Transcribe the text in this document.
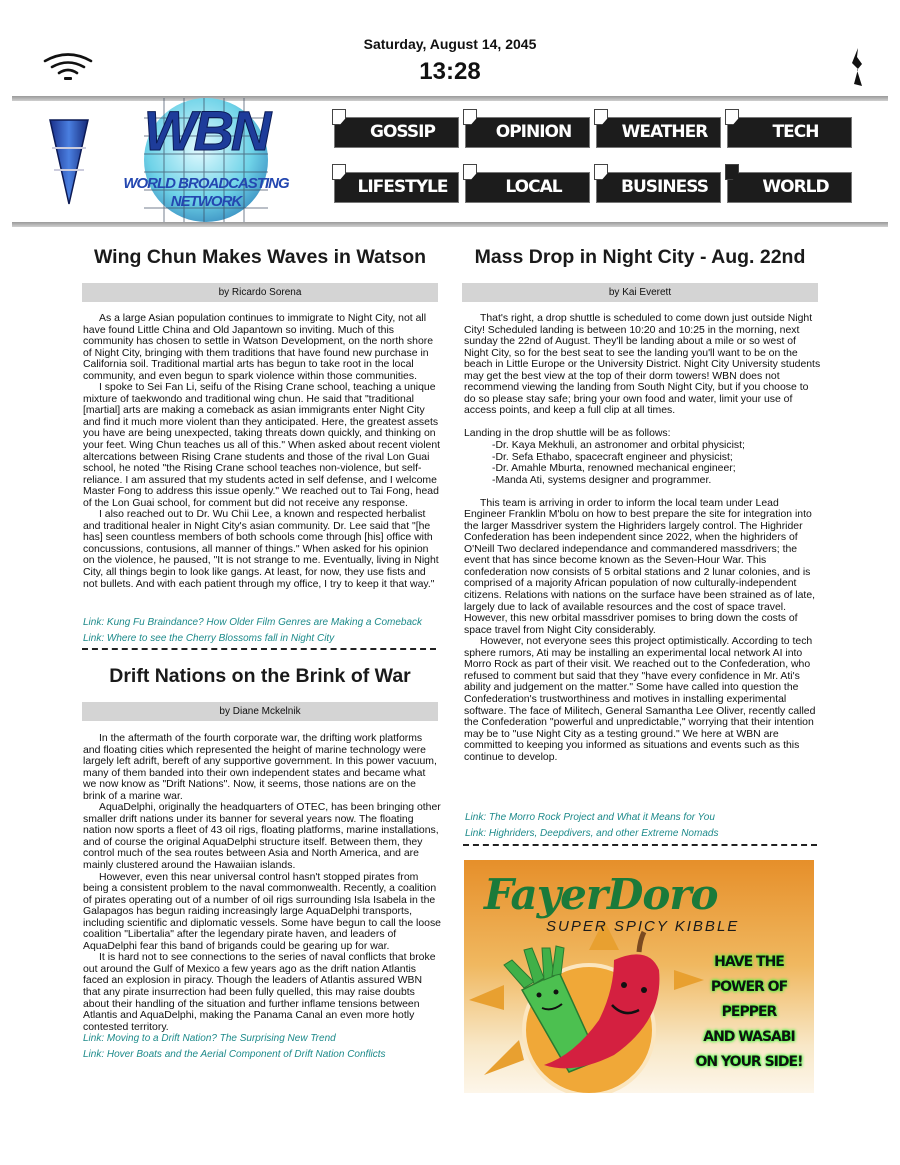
Saturday, August 14, 2045
13:28
WBN
WORLD BROADCASTING
NETWORK
GOSSIP	OPINION	WEATHER	TECH
LIFESTYLE	LOCAL	BUSINESS	WORLD
Wing Chun Makes Waves in Watson
by Ricardo Sorena

As a large Asian population continues to immigrate to Night City, not all have found Little China and Old Japantown so inviting. Much of this community has chosen to settle in Watson Development, on the north shore of Night City, bringing with them traditions that have found new purchase in California soil. Traditional martial arts has begun to take root in the local community, and even begun to spark violence within those communities.

I spoke to Sei Fan Li, seifu of the Rising Crane school, teaching a unique mixture of taekwondo and traditional wing chun. He said that "traditional [martial] arts are making a comeback as asian immigrants enter Night City and find it much more violent than they anticipated. Here, the greatest assets you have are being unexpected, taking threats down quickly, and thinking on your feet. Wing Chun teaches us all of this." When asked about recent violent altercations between Rising Crane students and those of the rival Lon Guai school, he noted "the Rising Crane school teaches non-violence, but self-reliance. I am assured that my students acted in self defense, and I welcome Master Fong to address this issue openly." We reached out to Tai Fong, head of the Lon Guai school, for comment but did not receive any response.

I also reached out to Dr. Wu Chii Lee, a known and respected herbalist and traditional healer in Night City's asian community. Dr. Lee said that "[he has] seen countless members of both schools come through [his] office with concussions, contusions, all manner of things." When asked for his opinion on the violence, he paused, "It is not strange to me. Eventually, living in Night City, all things begin to look like gangs. At least, for now, they use fists and not bullets. And with each patient through my office, I try to keep it that way."

Link: Kung Fu Braindance? How Older Film Genres are Making a Comeback
Link: Where to see the Cherry Blossoms fall in Night City
Drift Nations on the Brink of War
by Diane Mckelnik

In the aftermath of the fourth corporate war, the drifting work platforms and floating cities which represented the height of marine technology were largely left adrift, bereft of any supportive government. In this power vacuum, many of them banded into their own independent states and became what we now know as "Drift Nations". Now, it seems, those nations are on the brink of a marine war.

AquaDelphi, originally the headquarters of OTEC, has been bringing other smaller drift nations under its banner for several years now. The floating nation now sports a fleet of 43 oil rigs, floating platforms, marine installations, and of course the original AquaDelphi structure itself. Between them, they control much of the sea routes between Asia and North America, and are mainly clustered around the Hawaiian islands.

However, even this near universal control hasn't stopped pirates from being a consistent problem to the naval commonwealth. Recently, a coalition of pirates operating out of a number of oil rigs surrounding Isla Isabela in the Galapagos has begun raiding increasingly large AquaDelphi transports, including scientific and diplomatic vessels. Some have begun to call the loose coalition "Libertalia" after the legendary pirate haven, and leaders of AquaDelphi fear this band of brigands could be gearing up for war.

It is hard not to see connections to the series of naval conflicts that broke out around the Gulf of Mexico a few years ago as the drift nation Atlantis faced an explosion in piracy. Though the leaders of Atlantis assured WBN that any pirate insurrection had been fully quelled, this may raise doubts about their handling of the situation and further inflame tensions between Atlantis and AquaDelphi, making the Panama Canal an even more hotly contested territory.

Link: Moving to a Drift Nation? The Surprising New Trend
Link: Hover Boats and the Aerial Component of Drift Nation Conflicts
Mass Drop in Night City - Aug. 22nd
by Kai Everett

That's right, a drop shuttle is scheduled to come down just outside Night City! Scheduled landing is between 10:20 and 10:25 in the morning, next sunday the 22nd of August. They'll be landing about a mile or so west of Night City, so for the best seat to see the landing you'll want to be on the beach in Little Europe or the University District. Night City University students may get the best view at the top of their dorm towers! WBN does not recommend viewing the landing from South Night City, but if you choose to do so please stay safe; bring your own food and water, limit your use of access points, and keep a full clip at all times.

Landing in the drop shuttle will be as follows:

-Dr. Kaya Mekhuli, an astronomer and orbital physicist;

-Dr. Sefa Ethabo, spacecraft engineer and physicist;

-Dr. Amahle Mburta, renowned mechanical engineer;

-Manda Ati, systems designer and programmer.

This team is arriving in order to inform the local team under Lead Engineer Franklin M'bolu on how to best prepare the site for integration into the larger Massdriver system the Highriders largely control. The Highrider Confederation has been independent since 2022, when the highriders of O'Neill Two declared independance and commandered massdrivers; the event that has since become known as the Seven-Hour War. This confederation now consists of 5 orbital stations and 2 lunar colonies, and is comprised of a majority African population of now culturally-independent citizens. Relations with nations on the surface have been strained as of late, largely due to lack of available resources and the cost of space travel. However, this new orbital massdriver pomises to bring down the costs of space travel from Night City considerably.

However, not everyone sees this project optimistically. According to tech sphere rumors, Ati may be installing an experimental local network AI into Morro Rock as part of their visit. We reached out to the Confederation, who refused to comment but said that they "have every confidence in Mr. Ati's ability and judgement on the matter." Some have called into question the Confederation's trustworthiness and motives in installing experimental software. The face of Militech, General Samantha Lee Oliver, recently called the Confederation "powerful and unpredictable," worrying that their intention may be to "use Night City as a testing ground." We here at WBN are committed to keeping you informed as situations and events such as this continue to develop.

Link: The Morro Rock Project and What it Means for You
Link: Highriders, Deepdivers, and other Extreme Nomads
FayerDoro
SUPER SPICY KIBBLE
HAVE THE
POWER OF
PEPPER
AND WASABI
ON YOUR SIDE!
